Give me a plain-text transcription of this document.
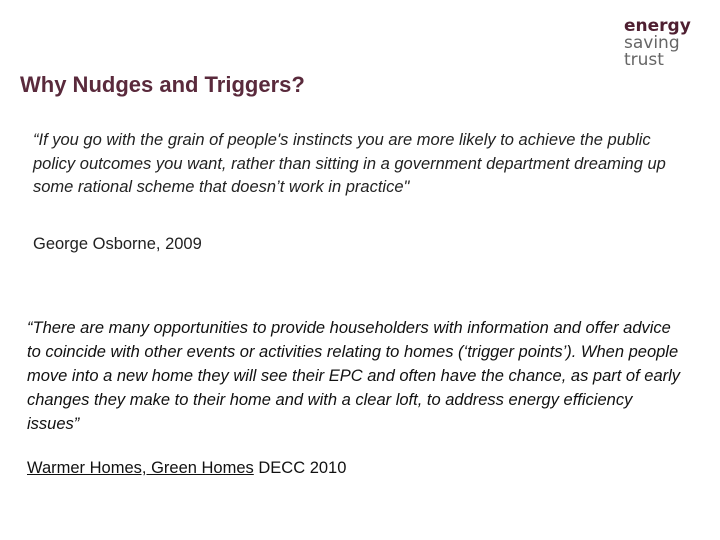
energy
saving
trust
Why Nudges and Triggers?

“If you go with the grain of people's instincts you are more likely to achieve the public policy outcomes you want, rather than sitting in a government department dreaming up some rational scheme that doesn’t work in practice"

George Osborne, 2009

“There are many opportunities to provide householders with information and offer advice to coincide with other events or activities relating to homes (‘trigger points’). When people move into a new home they will see their EPC and often have the chance, as part of early changes they make to their home and with a clear loft, to address energy efficiency issues”

Warmer Homes, Green Homes DECC 2010
